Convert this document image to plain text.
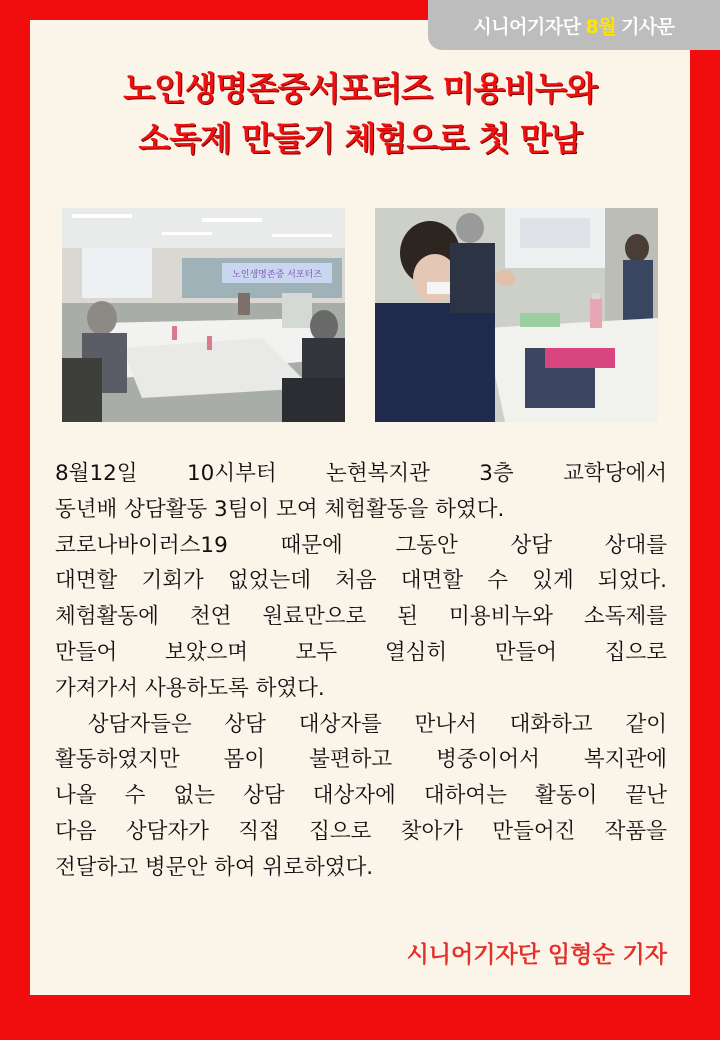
시니어기자단 8월 기사문
노인생명존중서포터즈 미용비누와
소독제 만들기 체험으로 첫 만남
노인생명존중 서포터즈

8월12일 10시부터 논현복지관 3층 교학당에서

동년배 상담활동 3팀이 모여 체험활동을 하였다.

코로나바이러스19 때문에 그동안 상담 상대를

대면할 기회가 없었는데 처음 대면할 수 있게 되었다.

체험활동에 천연 원료만으로 된 미용비누와 소독제를

만들어 보았으며 모두 열심히 만들어 집으로

가져가서 사용하도록 하였다.

상담자들은 상담 대상자를 만나서 대화하고 같이

활동하였지만 몸이 불편하고 병중이어서 복지관에

나올 수 없는 상담 대상자에 대하여는 활동이 끝난

다음 상담자가 직접 집으로 찾아가 만들어진 작품을

전달하고 병문안 하여 위로하였다.

시니어기자단 임형순 기자
